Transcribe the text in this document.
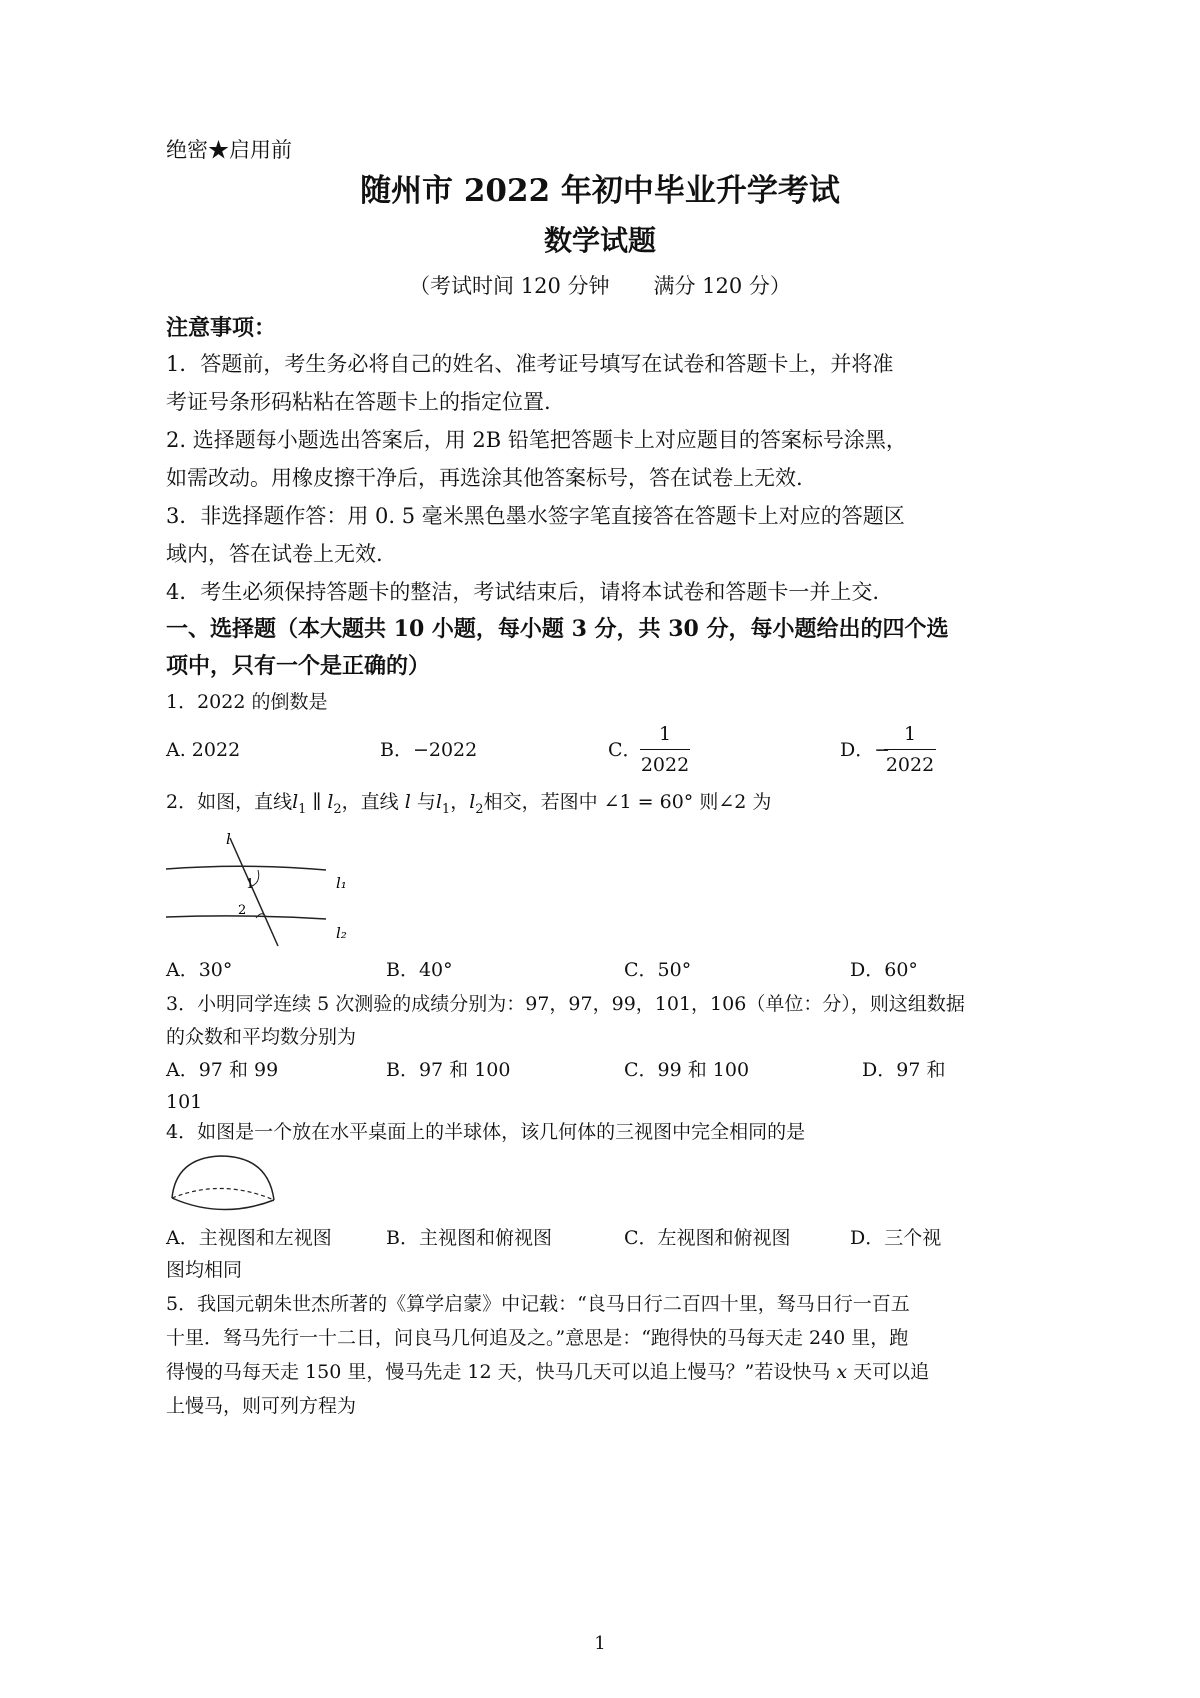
绝密★启用前
随州市 2022 年初中毕业升学考试
数学试题
（考试时间 120 分钟 满分 120 分）
注意事项：
1．答题前，考生务必将自己的姓名、准考证号填写在试卷和答题卡上，并将准
考证号条形码粘粘在答题卡上的指定位置.
2. 选择题每小题选出答案后，用 2B 铅笔把答题卡上对应题目的答案标号涂黑，
如需改动。用橡皮擦干净后，再选涂其他答案标号，答在试卷上无效.
3．非选择题作答：用 0. 5 毫米黑色墨水签字笔直接答在答题卡上对应的答题区
域内，答在试卷上无效.
4．考生必须保持答题卡的整洁，考试结束后，请将本试卷和答题卡一并上交.
一、选择题（本大题共 10 小题，每小题 3 分，共 30 分，每小题给出的四个选
项中，只有一个是正确的）
1．2022 的倒数是
A. 2022	B．−2022	C．
1
2022
D．−
1
2022
2．如图，直线$l_1$ ∥ $l_2$，直线 l 与$l_1$，$l_2$相交，若图中 ∠1 = 60° 则∠2 为
l
1
2
l₁
l₂
A．30°	B．40°	C．50°	D．60°
3．小明同学连续 5 次测验的成绩分别为：97，97，99，101，106（单位：分），则这组数据
的众数和平均数分别为
A．97 和 99	B．97 和 100	C．99 和 100	D．97 和
101
4．如图是一个放在水平桌面上的半球体，该几何体的三视图中完全相同的是
A．主视图和左视图	B．主视图和俯视图	C．左视图和俯视图	D．三个视
图均相同
5．我国元朝朱世杰所著的《算学启蒙》中记载：“良马日行二百四十里，驽马日行一百五
十里．驽马先行一十二日，问良马几何追及之。”意思是：“跑得快的马每天走 240 里，跑
得慢的马每天走 150 里，慢马先走 12 天，快马几天可以追上慢马？”若设快马 x 天可以追
上慢马，则可列方程为
1
